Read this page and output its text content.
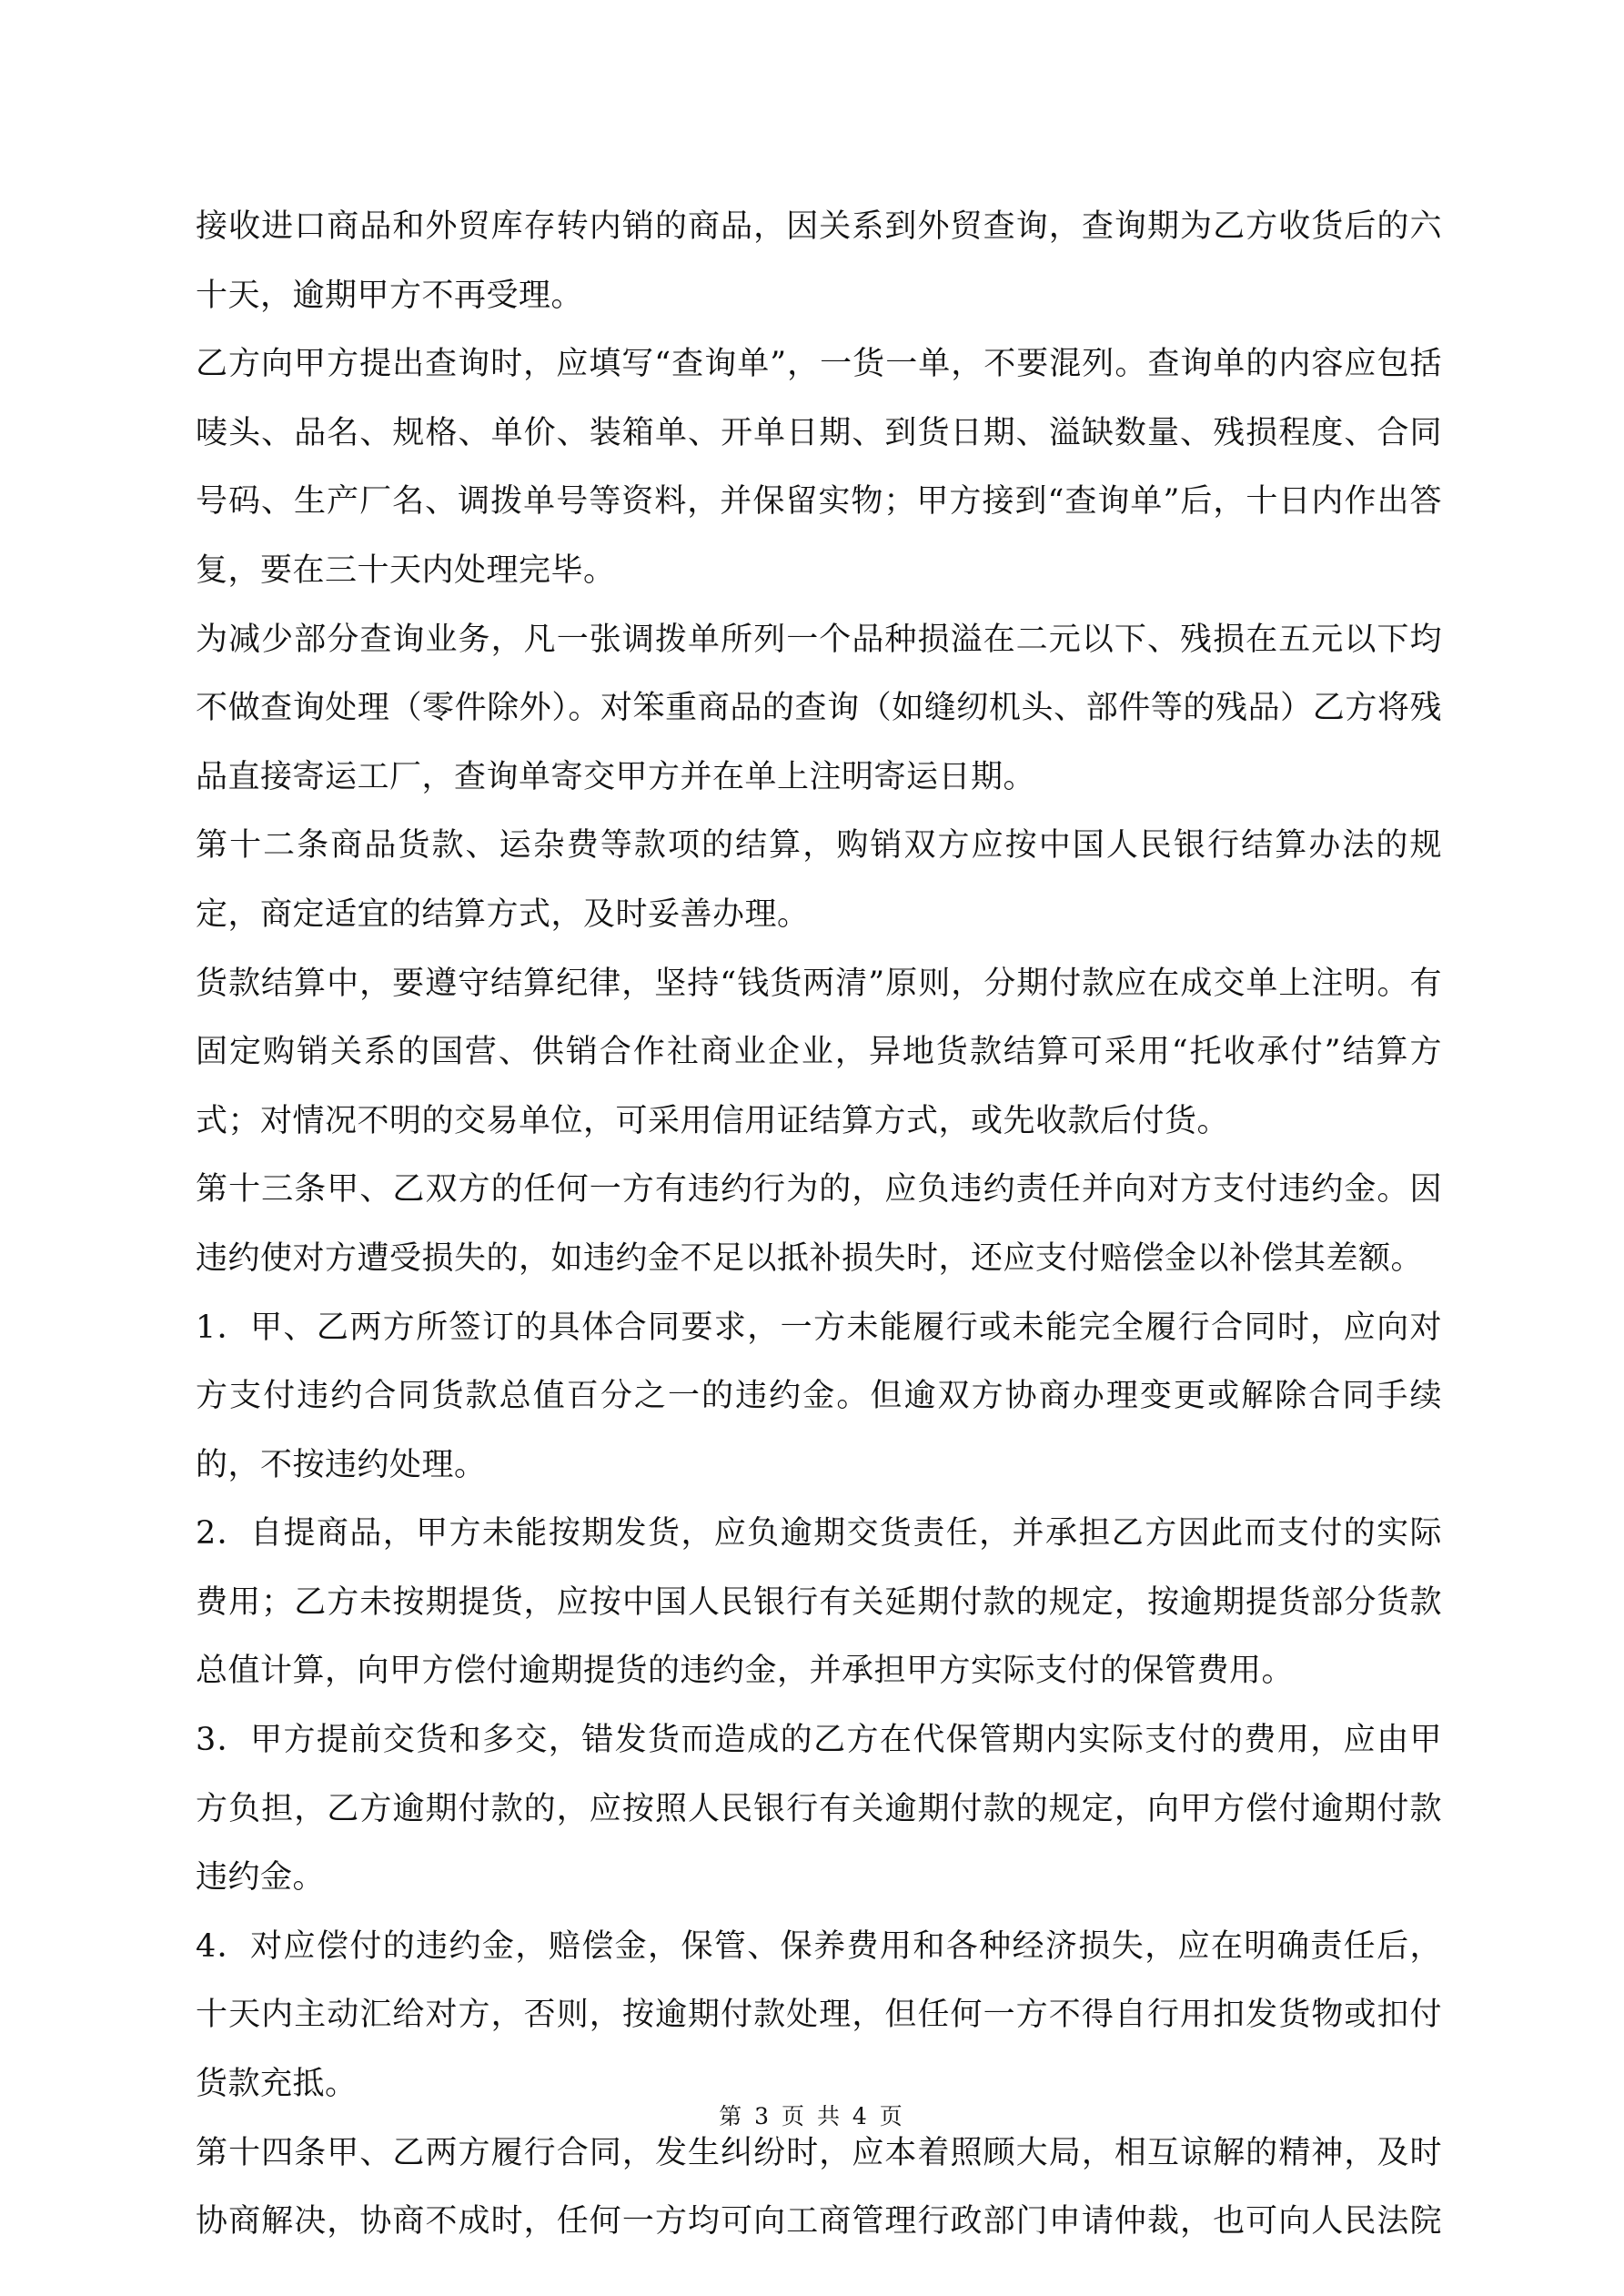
接收进口商品和外贸库存转内销的商品，因关系到外贸查询，查询期为乙方收货后的六十天，逾期甲方不再受理。

乙方向甲方提出查询时，应填写“查询单”，一货一单，不要混列。查询单的内容应包括唛头、品名、规格、单价、装箱单、开单日期、到货日期、溢缺数量、残损程度、合同号码、生产厂名、调拨单号等资料，并保留实物；甲方接到“查询单”后，十日内作出答复，要在三十天内处理完毕。

为减少部分查询业务，凡一张调拨单所列一个品种损溢在二元以下、残损在五元以下均不做查询处理（零件除外）。对笨重商品的查询（如缝纫机头、部件等的残品）乙方将残品直接寄运工厂，查询单寄交甲方并在单上注明寄运日期。

第十二条商品货款、运杂费等款项的结算，购销双方应按中国人民银行结算办法的规定，商定适宜的结算方式，及时妥善办理。

货款结算中，要遵守结算纪律，坚持“钱货两清”原则，分期付款应在成交单上注明。有固定购销关系的国营、供销合作社商业企业，异地货款结算可采用“托收承付”结算方式；对情况不明的交易单位，可采用信用证结算方式，或先收款后付货。

第十三条甲、乙双方的任何一方有违约行为的，应负违约责任并向对方支付违约金。因违约使对方遭受损失的，如违约金不足以抵补损失时，还应支付赔偿金以补偿其差额。

1．甲、乙两方所签订的具体合同要求，一方未能履行或未能完全履行合同时，应向对方支付违约合同货款总值百分之一的违约金。但逾双方协商办理变更或解除合同手续的，不按违约处理。

2．自提商品，甲方未能按期发货，应负逾期交货责任，并承担乙方因此而支付的实际费用；乙方未按期提货，应按中国人民银行有关延期付款的规定，按逾期提货部分货款总值计算，向甲方偿付逾期提货的违约金，并承担甲方实际支付的保管费用。

3．甲方提前交货和多交，错发货而造成的乙方在代保管期内实际支付的费用，应由甲方负担，乙方逾期付款的，应按照人民银行有关逾期付款的规定，向甲方偿付逾期付款违约金。

4．对应偿付的违约金，赔偿金，保管、保养费用和各种经济损失，应在明确责任后，十天内主动汇给对方，否则，按逾期付款处理，但任何一方不得自行用扣发货物或扣付货款充抵。

第十四条甲、乙两方履行合同，发生纠纷时，应本着照顾大局，相互谅解的精神，及时协商解决，协商不成时，任何一方均可向工商管理行政部门申请仲裁，也可向人民法院

第 3 页 共 4 页
